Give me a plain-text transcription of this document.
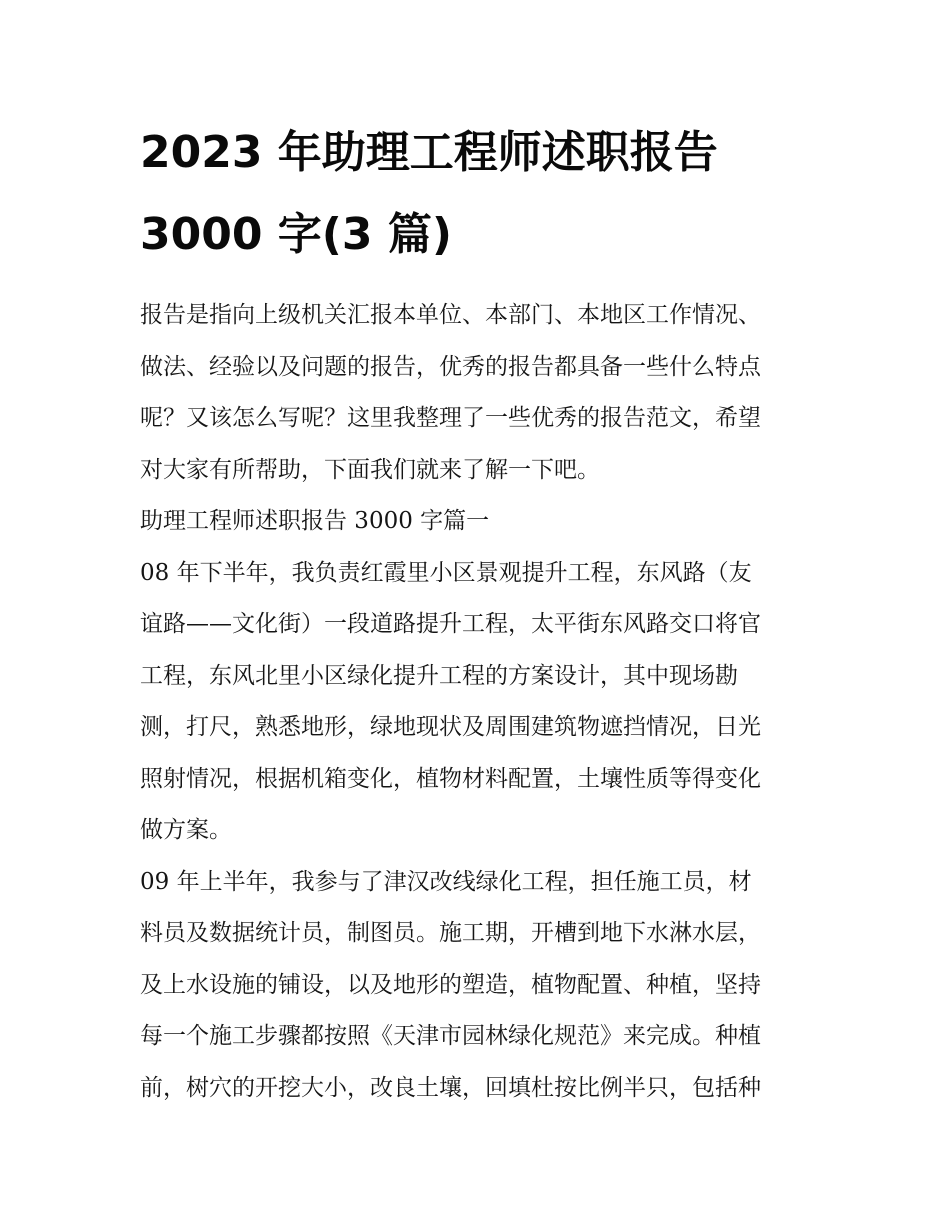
2023 年助理工程师述职报告
3000 字(3 篇)

报告是指向上级机关汇报本单位、本部门、本地区工作情况、
做法、经验以及问题的报告，优秀的报告都具备一些什么特点
呢？又该怎么写呢？这里我整理了一些优秀的报告范文，希望
对大家有所帮助，下面我们就来了解一下吧。

助理工程师述职报告 3000 字篇一

08 年下半年，我负责红霞里小区景观提升工程，东风路（友
谊路——文化街）一段道路提升工程，太平街东风路交口将官
工程，东风北里小区绿化提升工程的方案设计，其中现场勘
测，打尺，熟悉地形，绿地现状及周围建筑物遮挡情况，日光
照射情况，根据机箱变化，植物材料配置，土壤性质等得变化
做方案。

09 年上半年，我参与了津汉改线绿化工程，担任施工员，材
料员及数据统计员，制图员。施工期，开槽到地下水淋水层，
及上水设施的铺设，以及地形的塑造，植物配置、种植，坚持
每一个施工步骤都按照《天津市园林绿化规范》来完成。种植
前，树穴的开挖大小，改良土壤，回填杜按比例半只，包括种
